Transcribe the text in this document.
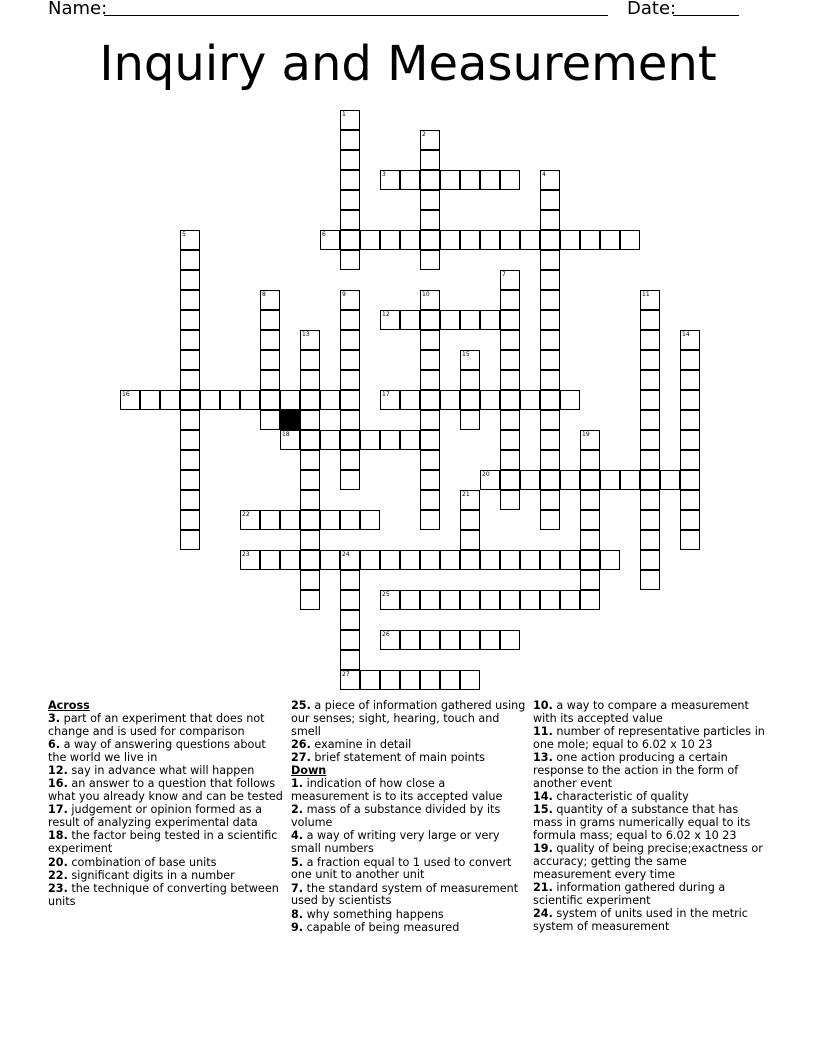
Name:	Date:
Inquiry and Measurement
1
2
3	4
6
5
7
8	9	10	11
12
13	14
15
16	17
18	19
20
21
22
23	24
27
25
26
Across
3. part of an experiment that does not change and is used for comparison
6. a way of answering questions about the world we live in
12. say in advance what will happen
16. an answer to a question that follows what you already know and can be tested
17. judgement or opinion formed as a result of analyzing experimental data
18. the factor being tested in a scientific experiment
20. combination of base units
22. significant digits in a number
23. the technique of converting between units
25. a piece of information gathered using our senses; sight, hearing, touch and smell
26. examine in detail
27. brief statement of main points
Down
1. indication of how close a measurement is to its accepted value
2. mass of a substance divided by its volume
4. a way of writing very large or very small numbers
5. a fraction equal to 1 used to convert one unit to another unit
7. the standard system of measurement used by scientists
8. why something happens
9. capable of being measured
10. a way to compare a measurement with its accepted value
11. number of representative particles in one mole; equal to 6.02 x 10 23
13. one action producing a certain response to the action in the form of another event
14. characteristic of quality
15. quantity of a substance that has mass in grams numerically equal to its formula mass; equal to 6.02 x 10 23
19. quality of being precise;exactness or accuracy; getting the same measurement every time
21. information gathered during a scientific experiment
24. system of units used in the metric system of measurement
